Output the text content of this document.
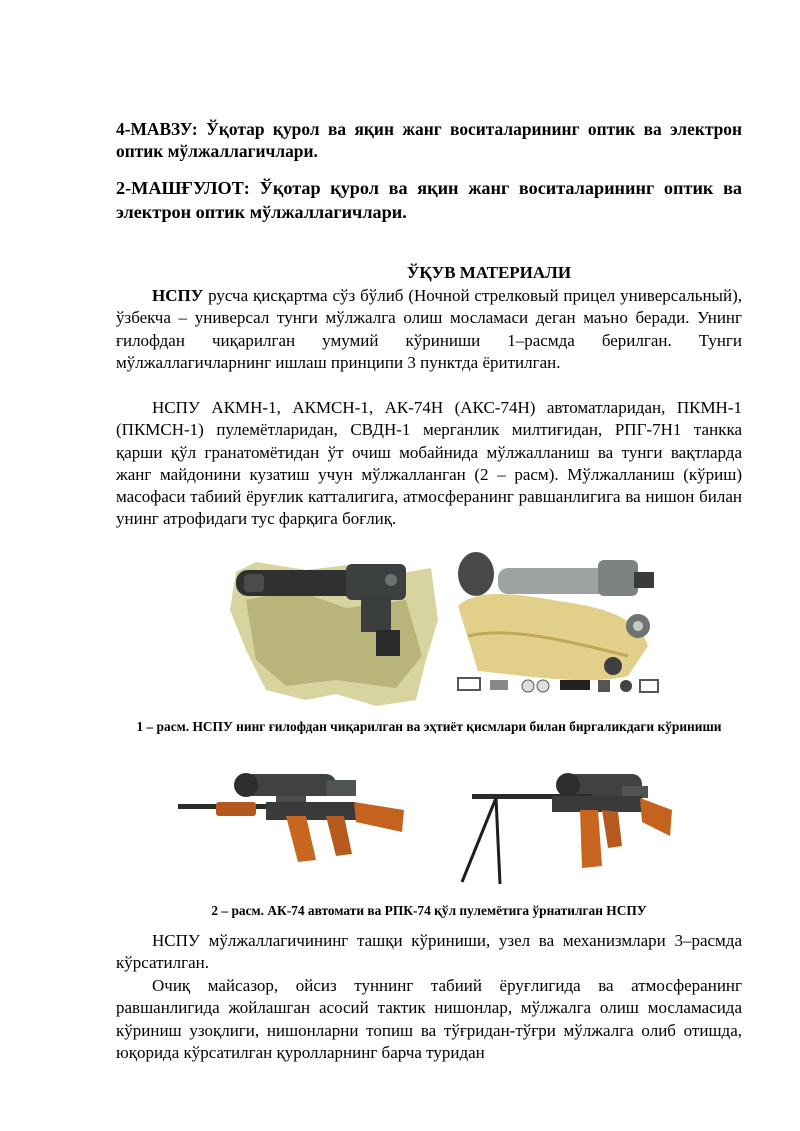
4-МАВЗУ: Ўқотар қурол ва яқин жанг воситаларининг оптик ва электрон оптик мўлжаллагичлари.
2-МАШҒУЛОТ: Ўқотар қурол ва яқин жанг воситаларининг оптик ва электрон оптик мўлжаллагичлари.
ЎҚУВ МАТЕРИАЛИ

НСПУ русча қисқартма сўз бўлиб (Ночной стрелковый прицел универсальный), ўзбекча – универсал тунги мўлжалга олиш мосламаси деган маъно беради. Унинг ғилофдан чиқарилган умумий кўриниши 1–расмда берилган. Тунги мўлжаллагичларнинг ишлаш принципи 3 пунктда ёритилган.

НСПУ АКМН-1, АКМСН-1, АК-74Н (АКС-74Н) автоматларидан, ПКМН-1 (ПКМСН-1) пулемётларидан, СВДН-1 мерганлик милтиғидан, РПГ-7Н1 танкка қарши қўл гранатомётидан ўт очиш мобайнида мўлжалланиш ва тунги вақтларда жанг майдонини кузатиш учун мўлжалланган (2 – расм). Мўлжалланиш (кўриш) масофаси табиий ёруғлик катталигига, атмосферанинг равшанлигига ва нишон билан унинг атрофидаги тус фарқига боғлиқ.

1 – расм. НСПУ нинг ғилофдан чиқарилган ва эҳтиёт қисмлари билан биргаликдаги кўриниши
2 – расм. АК-74 автомати ва РПК-74 қўл пулемётига ўрнатилган НСПУ

НСПУ мўлжаллагичининг ташқи кўриниши, узел ва механизмлари 3–расмда кўрсатилган.

Очиқ майсазор, ойсиз туннинг табиий ёруғлигида ва атмосферанинг равшанлигида жойлашган асосий тактик нишонлар, мўлжалга олиш мосламасида кўриниш узоқлиги, нишонларни топиш ва тўғридан-тўғри мўлжалга олиб отишда, юқорида кўрсатилган қуролларнинг барча туридан
